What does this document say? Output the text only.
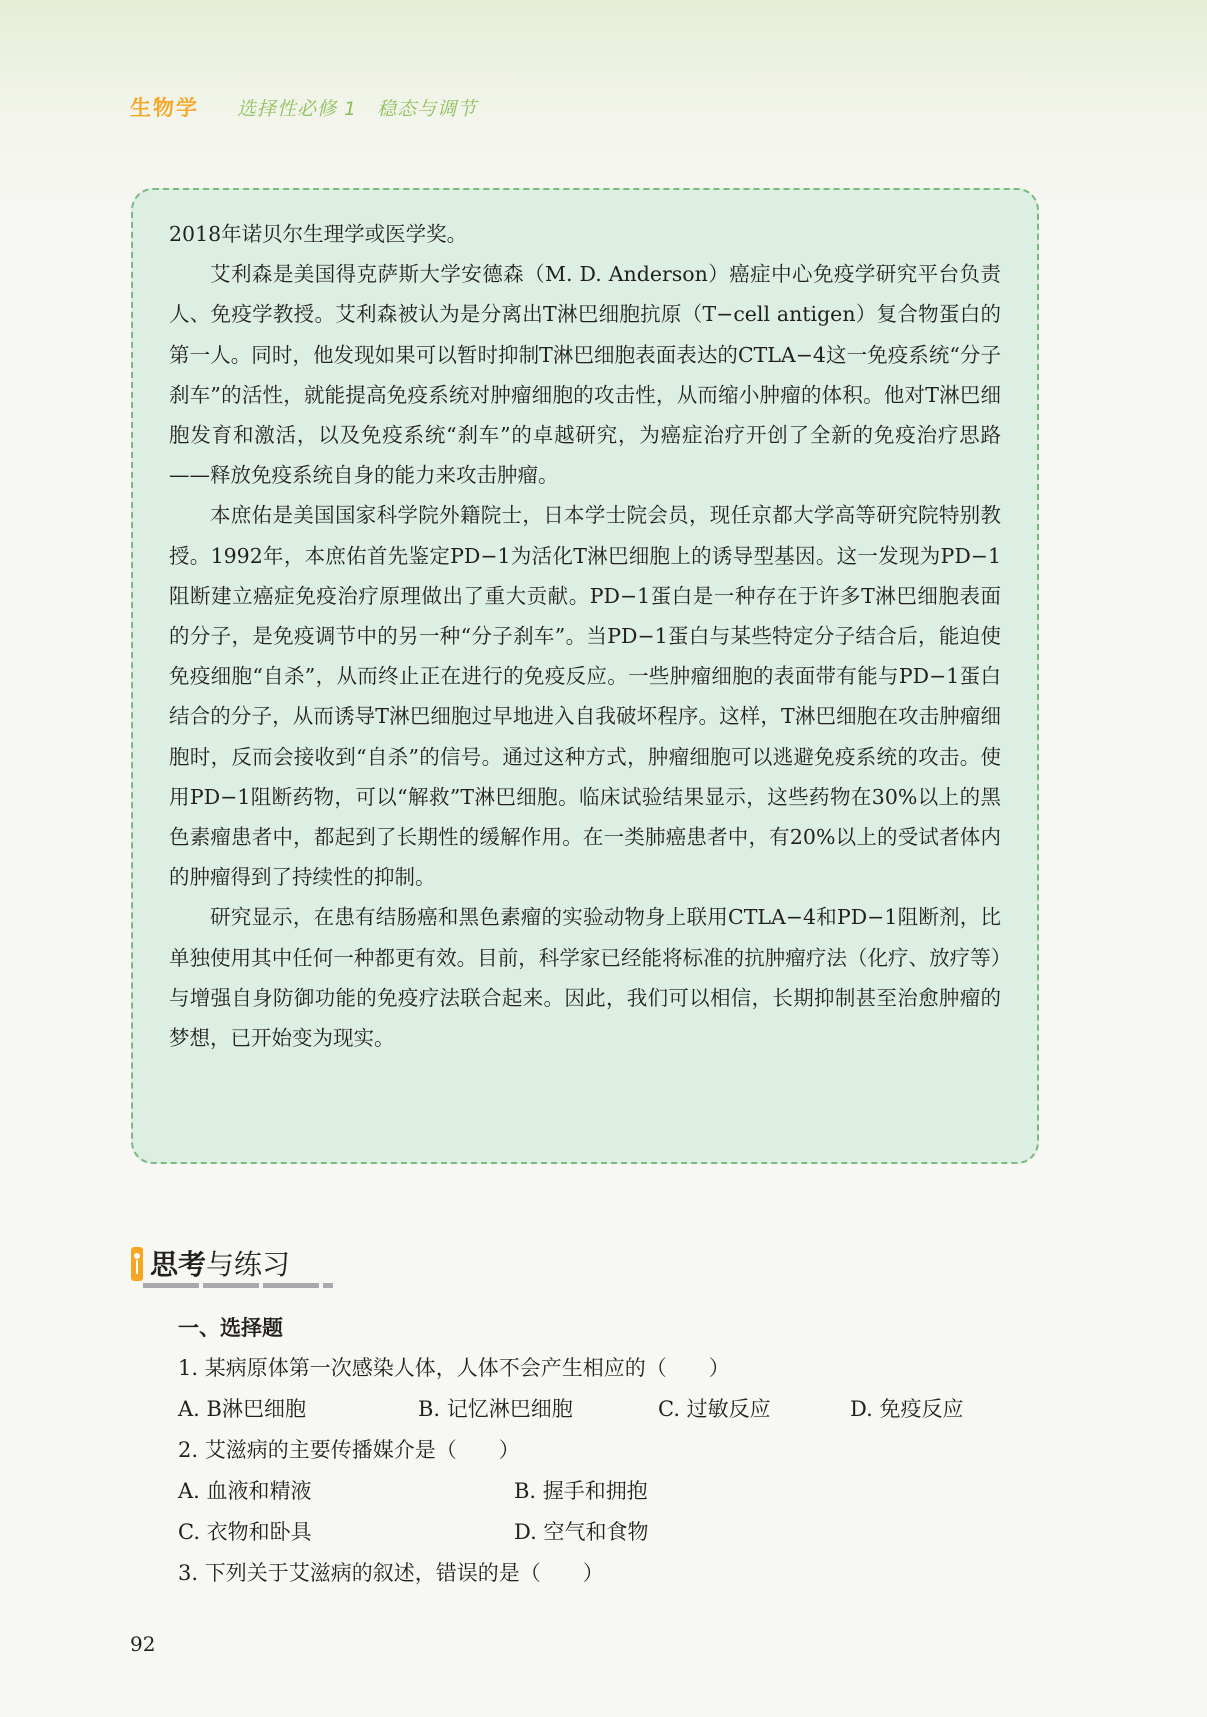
生物学 选择性必修 1　稳态与调节

2018年诺贝尔生理学或医学奖。

艾利森是美国得克萨斯大学安德森（M. D. Anderson）癌症中心免疫学研究平台负责人、免疫学教授。艾利森被认为是分离出T淋巴细胞抗原（T−cell antigen）复合物蛋白的第一人。同时，他发现如果可以暂时抑制T淋巴细胞表面表达的CTLA−4这一免疫系统“分子刹车”的活性，就能提高免疫系统对肿瘤细胞的攻击性，从而缩小肿瘤的体积。他对T淋巴细胞发育和激活，以及免疫系统“刹车”的卓越研究，为癌症治疗开创了全新的免疫治疗思路——释放免疫系统自身的能力来攻击肿瘤。

本庶佑是美国国家科学院外籍院士，日本学士院会员，现任京都大学高等研究院特别教授。1992年，本庶佑首先鉴定PD−1为活化T淋巴细胞上的诱导型基因。这一发现为PD−1阻断建立癌症免疫治疗原理做出了重大贡献。PD−1蛋白是一种存在于许多T淋巴细胞表面的分子，是免疫调节中的另一种“分子刹车”。当PD−1蛋白与某些特定分子结合后，能迫使免疫细胞“自杀”，从而终止正在进行的免疫反应。一些肿瘤细胞的表面带有能与PD−1蛋白结合的分子，从而诱导T淋巴细胞过早地进入自我破坏程序。这样，T淋巴细胞在攻击肿瘤细胞时，反而会接收到“自杀”的信号。通过这种方式，肿瘤细胞可以逃避免疫系统的攻击。使用PD−1阻断药物，可以“解救”T淋巴细胞。临床试验结果显示，这些药物在30%以上的黑色素瘤患者中，都起到了长期性的缓解作用。在一类肺癌患者中，有20%以上的受试者体内的肿瘤得到了持续性的抑制。

研究显示，在患有结肠癌和黑色素瘤的实验动物身上联用CTLA−4和PD−1阻断剂，比单独使用其中任何一种都更有效。目前，科学家已经能将标准的抗肿瘤疗法（化疗、放疗等）与增强自身防御功能的免疫疗法联合起来。因此，我们可以相信，长期抑制甚至治愈肿瘤的梦想，已开始变为现实。

思考与练习
一、选择题
1. 某病原体第一次感染人体，人体不会产生相应的（　　）
A. B淋巴细胞	B. 记忆淋巴细胞	C. 过敏反应	D. 免疫反应
2. 艾滋病的主要传播媒介是（　　）
A. 血液和精液	B. 握手和拥抱
C. 衣物和卧具	D. 空气和食物
3. 下列关于艾滋病的叙述，错误的是（　　）
92
